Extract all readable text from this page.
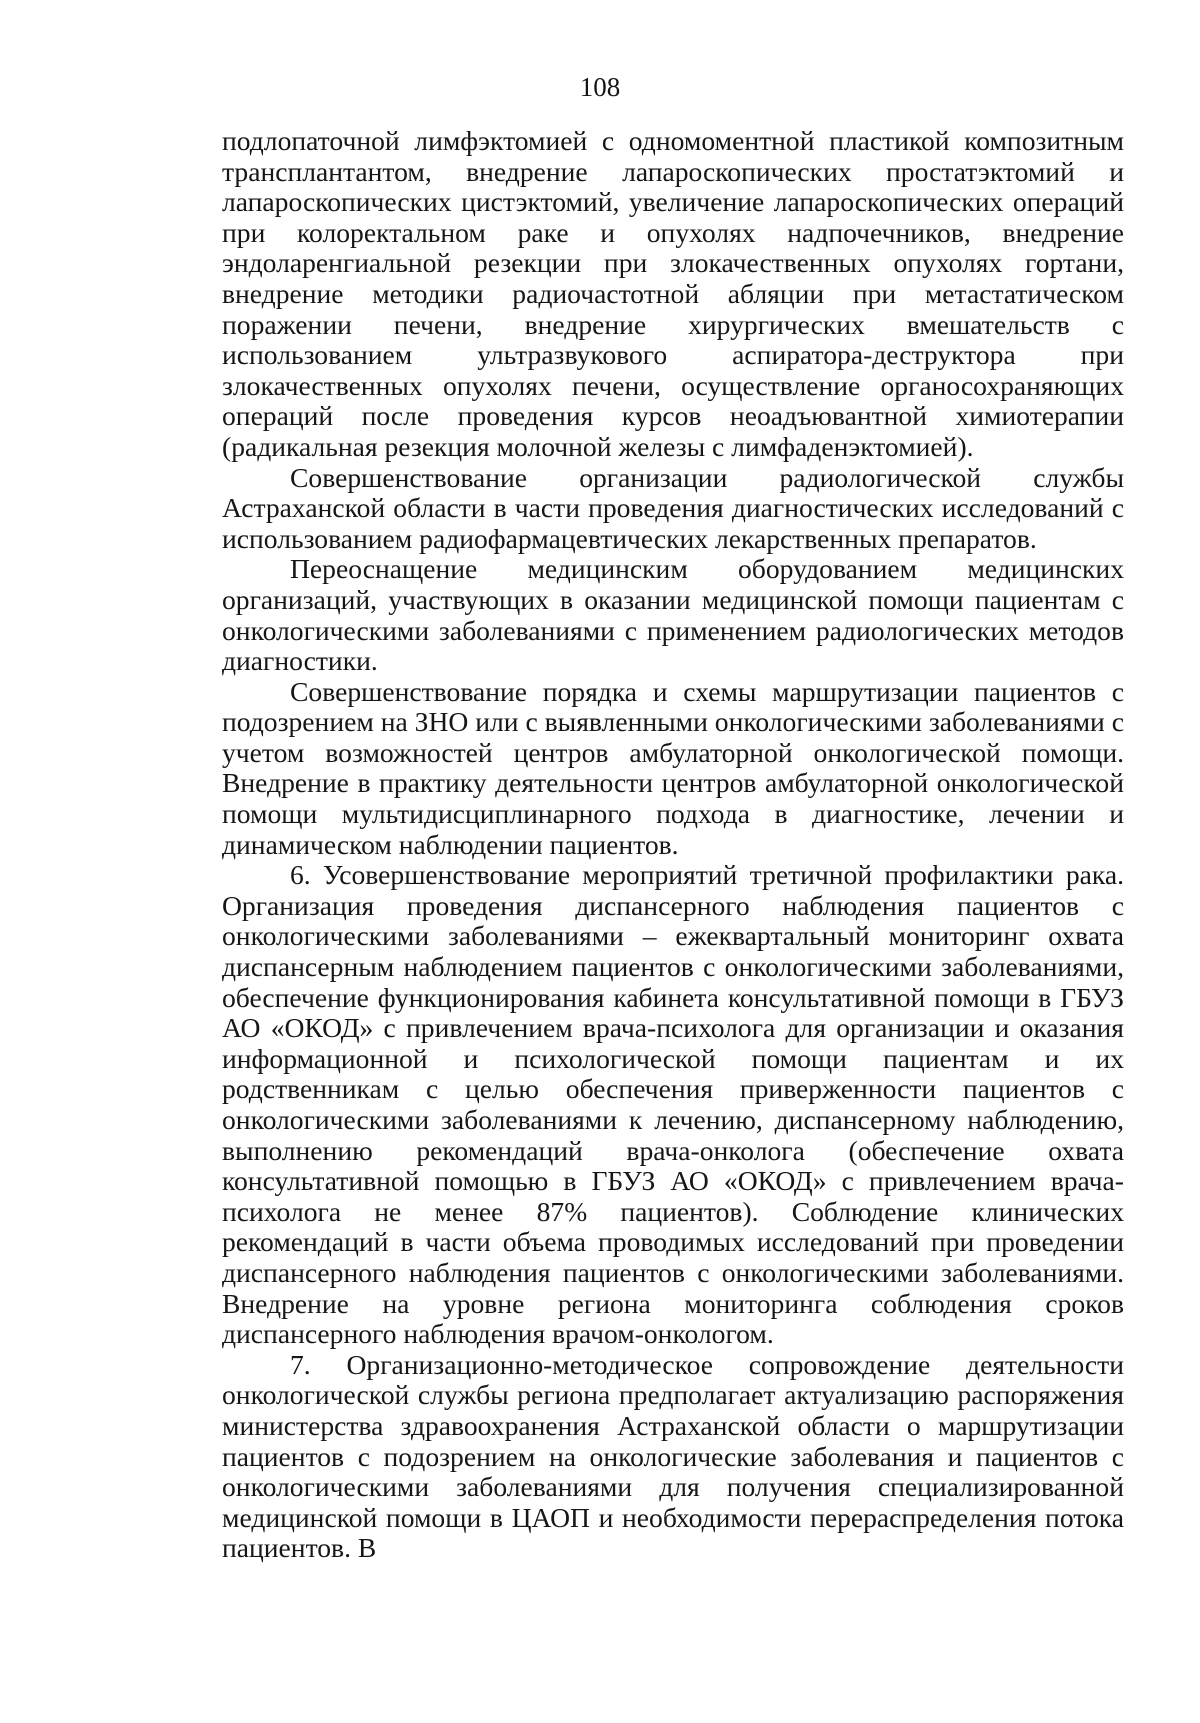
108

подлопаточной лимфэктомией с одномоментной пластикой композитным трансплантантом, внедрение лапароскопических простатэктомий и лапароскопических цистэктомий, увеличение лапароскопических операций при колоректальном раке и опухолях надпочечников, внедрение эндоларенгиальной резекции при злокачественных опухолях гортани, внедрение методики радиочастотной абляции при метастатическом поражении печени, внедрение хирургических вмешательств с использованием ультразвукового аспиратора-деструктора при злокачественных опухолях печени, осуществление органосохраняющих операций после проведения курсов неоадъювантной химиотерапии (радикальная резекция молочной железы с лимфаденэктомией).

Совершенствование организации радиологической службы Астраханской области в части проведения диагностических исследований с использованием радиофармацевтических лекарственных препаратов.

Переоснащение медицинским оборудованием медицинских организаций, участвующих в оказании медицинской помощи пациентам с онкологическими заболеваниями с применением радиологических методов диагностики.

Совершенствование порядка и схемы маршрутизации пациентов с подозрением на ЗНО или с выявленными онкологическими заболеваниями с учетом возможностей центров амбулаторной онкологической помощи. Внедрение в практику деятельности центров амбулаторной онкологической помощи мультидисциплинарного подхода в диагностике, лечении и динамическом наблюдении пациентов.

6. Усовершенствование мероприятий третичной профилактики рака. Организация проведения диспансерного наблюдения пациентов с онкологическими заболеваниями – ежеквартальный мониторинг охвата диспансерным наблюдением пациентов с онкологическими заболеваниями, обеспечение функционирования кабинета консультативной помощи в ГБУЗ АО «ОКОД» с привлечением врача-психолога для организации и оказания информационной и психологической помощи пациентам и их родственникам с целью обеспечения приверженности пациентов с онкологическими заболеваниями к лечению, диспансерному наблюдению, выполнению рекомендаций врача-онколога (обеспечение охвата консультативной помощью в ГБУЗ АО «ОКОД» с привлечением врача-психолога не менее 87% пациентов). Соблюдение клинических рекомендаций в части объема проводимых исследований при проведении диспансерного наблюдения пациентов с онкологическими заболеваниями. Внедрение на уровне региона мониторинга соблюдения сроков диспансерного наблюдения врачом-онкологом.

7. Организационно-методическое сопровождение деятельности онкологической службы региона предполагает актуализацию распоряжения министерства здравоохранения Астраханской области о маршрутизации пациентов с подозрением на онкологические заболевания и пациентов с онкологическими заболеваниями для получения специализированной медицинской помощи в ЦАОП и необходимости перераспределения потока пациентов. В
